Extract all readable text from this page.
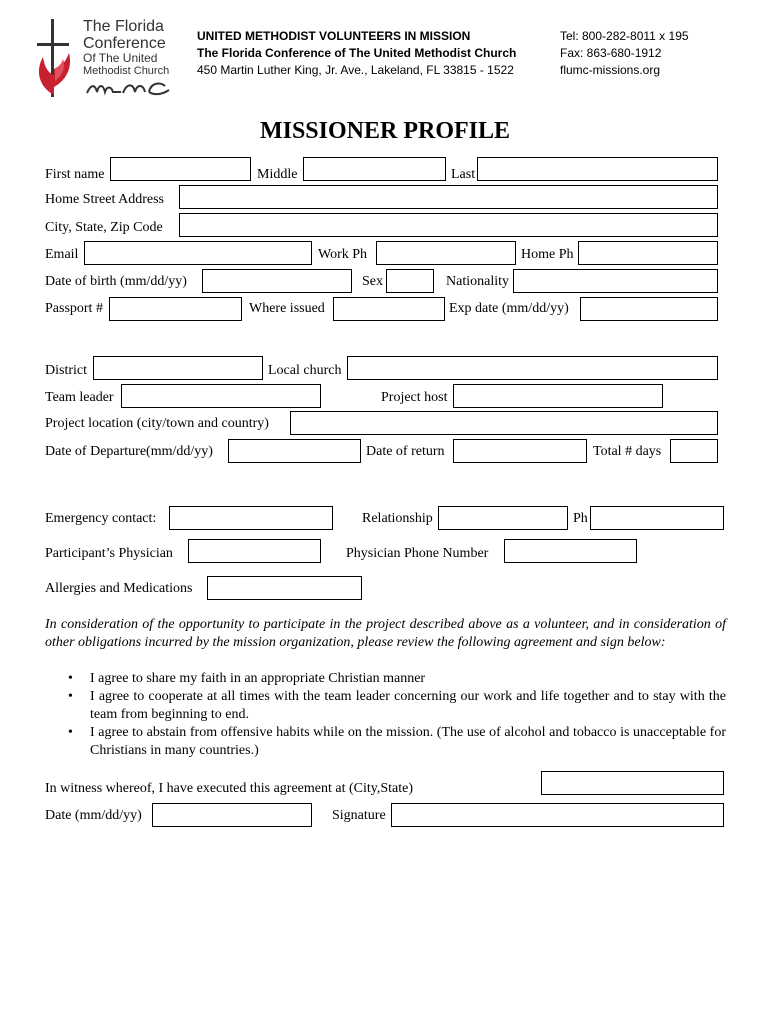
The Florida
Conference
Of The United
Methodist Church
UNITED METHODIST VOLUNTEERS IN MISSION
The Florida Conference of The United Methodist Church
450 Martin Luther King, Jr. Ave., Lakeland, FL 33815 - 1522
Tel: 800-282-8011 x 195
Fax: 863-680-1912
flumc-missions.org
MISSIONER PROFILE
First name	Middle	Last
Home Street Address
City, State, Zip Code
Email	Work Ph	Home Ph
Date of birth (mm/dd/yy)	Sex	Nationality
Passport #	Where issued	Exp date (mm/dd/yy)
District	Local church
Team leader	Project host
Project location (city/town and country)
Date of Departure(mm/dd/yy)	Date of return	Total # days
Emergency contact:	Relationship	Ph
Participant’s Physician	Physician Phone Number
Allergies and Medications
In consideration of the opportunity to participate in the project described above as a volunteer, and in consideration of other obligations incurred by the mission organization, please review the following agreement and sign below:
• I agree to share my faith in an appropriate Christian manner
• I agree to cooperate at all times with the team leader concerning our work and life together and to stay with the team from beginning to end.
• I agree to abstain from offensive habits while on the mission. (The use of alcohol and tobacco is unacceptable for Christians in many countries.)
In witness whereof, I have executed this agreement at (City,State)
Date (mm/dd/yy)	Signature
